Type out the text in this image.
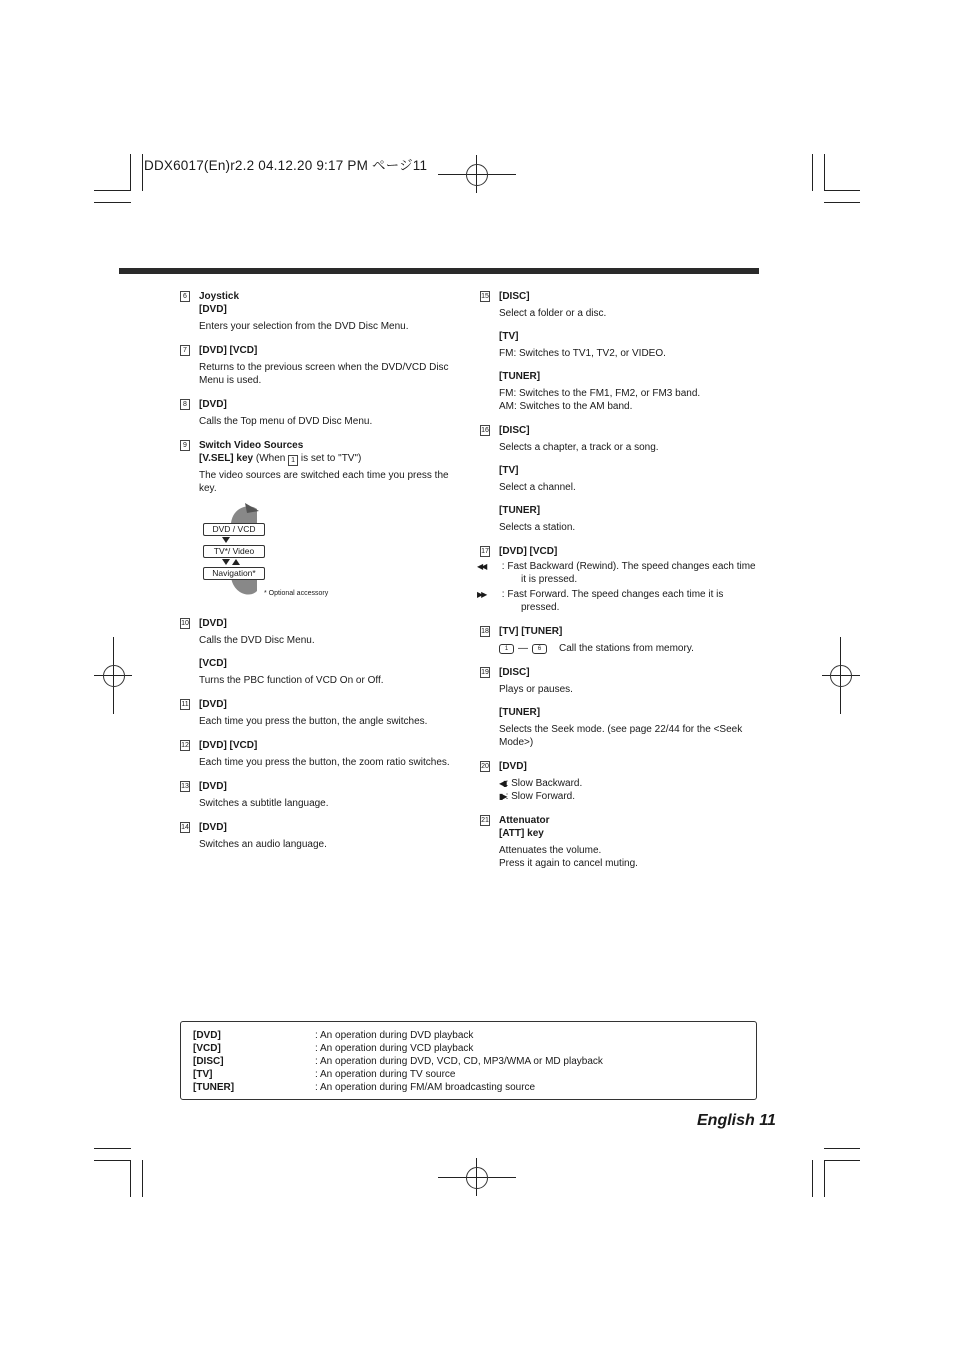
DDX6017(En)r2.2 04.12.20 9:17 PM ページ11
6	Joystick
[DVD]
Enters your selection from the DVD Disc Menu.
7	[DVD] [VCD]
Returns to the previous screen when the DVD/VCD Disc Menu is used.
8	[DVD]
Calls the Top menu of DVD Disc Menu.
9	Switch Video Sources
[V.SEL] key (When 1 is set to "TV")
The video sources are switched each time you press the key.
DVD / VCD
TV*/ Video
Navigation*
* Optional accessory
10 [DVD]
Calls the DVD Disc Menu.
[VCD]
Turns the PBC function of VCD On or Off.
11 [DVD]
Each time you press the button, the angle switches.
12 [DVD] [VCD]
Each time you press the button, the zoom ratio switches.
13 [DVD]
Switches a subtitle language.
14 [DVD]
Switches an audio language.
15 [DISC]
Select a folder or a disc.
[TV]
FM: Switches to TV1, TV2, or VIDEO.
[TUNER]
FM: Switches to the FM1, FM2, or FM3 band.
AM: Switches to the AM band.
16 [DISC]
Selects a chapter, a track or a song.
[TV]
Select a channel.
[TUNER]
Selects a station.
17 [DVD] [VCD]
◀◀ : Fast Backward (Rewind). The speed changes each time it is pressed.
▶▶ : Fast Forward. The speed changes each time it is pressed.
18 [TV] [TUNER]
1 —	6	Call the stations from memory.
19 [DISC]
Plays or pauses.
[TUNER]
Selects the Seek mode. (see page 22/44 for the <Seek Mode>)
20 [DVD]
◀▮: Slow Backward.
▮▶: Slow Forward.
21 Attenuator
[ATT] key
Attenuates the volume.
Press it again to cancel muting.
[DVD]	: An operation during DVD playback
[VCD]	: An operation during VCD playback
[DISC]	: An operation during DVD, VCD, CD, MP3/WMA or MD playback
[TV]	: An operation during TV source
[TUNER]	: An operation during FM/AM broadcasting source
English 11
